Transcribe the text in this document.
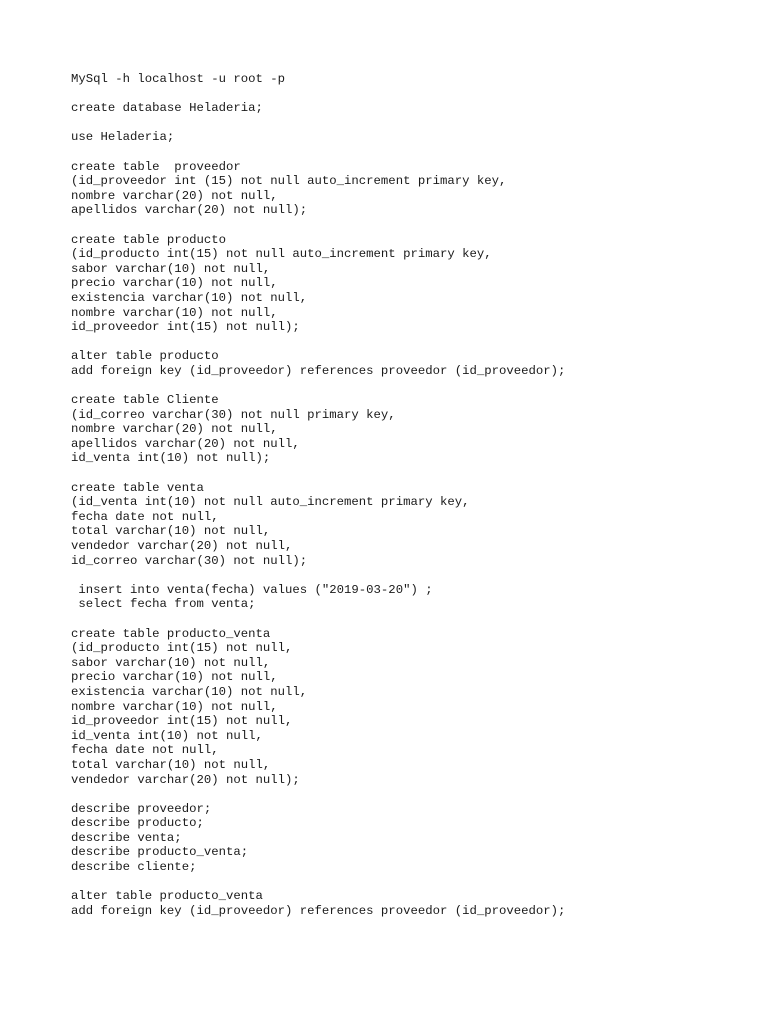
MySql -h localhost -u root -p
create database Heladeria;
use Heladeria;
create table  proveedor
(id_proveedor int (15) not null auto_increment primary key,
nombre varchar(20) not null,
apellidos varchar(20) not null);
create table producto
(id_producto int(15) not null auto_increment primary key,
sabor varchar(10) not null,
precio varchar(10) not null,
existencia varchar(10) not null,
nombre varchar(10) not null,
id_proveedor int(15) not null);
alter table producto
add foreign key (id_proveedor) references proveedor (id_proveedor);
create table Cliente
(id_correo varchar(30) not null primary key,
nombre varchar(20) not null,
apellidos varchar(20) not null,
id_venta int(10) not null);
create table venta
(id_venta int(10) not null auto_increment primary key,
fecha date not null,
total varchar(10) not null,
vendedor varchar(20) not null,
id_correo varchar(30) not null);
insert into venta(fecha) values ("2019-03-20") ;
select fecha from venta;
create table producto_venta
(id_producto int(15) not null,
sabor varchar(10) not null,
precio varchar(10) not null,
existencia varchar(10) not null,
nombre varchar(10) not null,
id_proveedor int(15) not null,
id_venta int(10) not null,
fecha date not null,
total varchar(10) not null,
vendedor varchar(20) not null);
describe proveedor;
describe producto;
describe venta;
describe producto_venta;
describe cliente;
alter table producto_venta
add foreign key (id_proveedor) references proveedor (id_proveedor);
